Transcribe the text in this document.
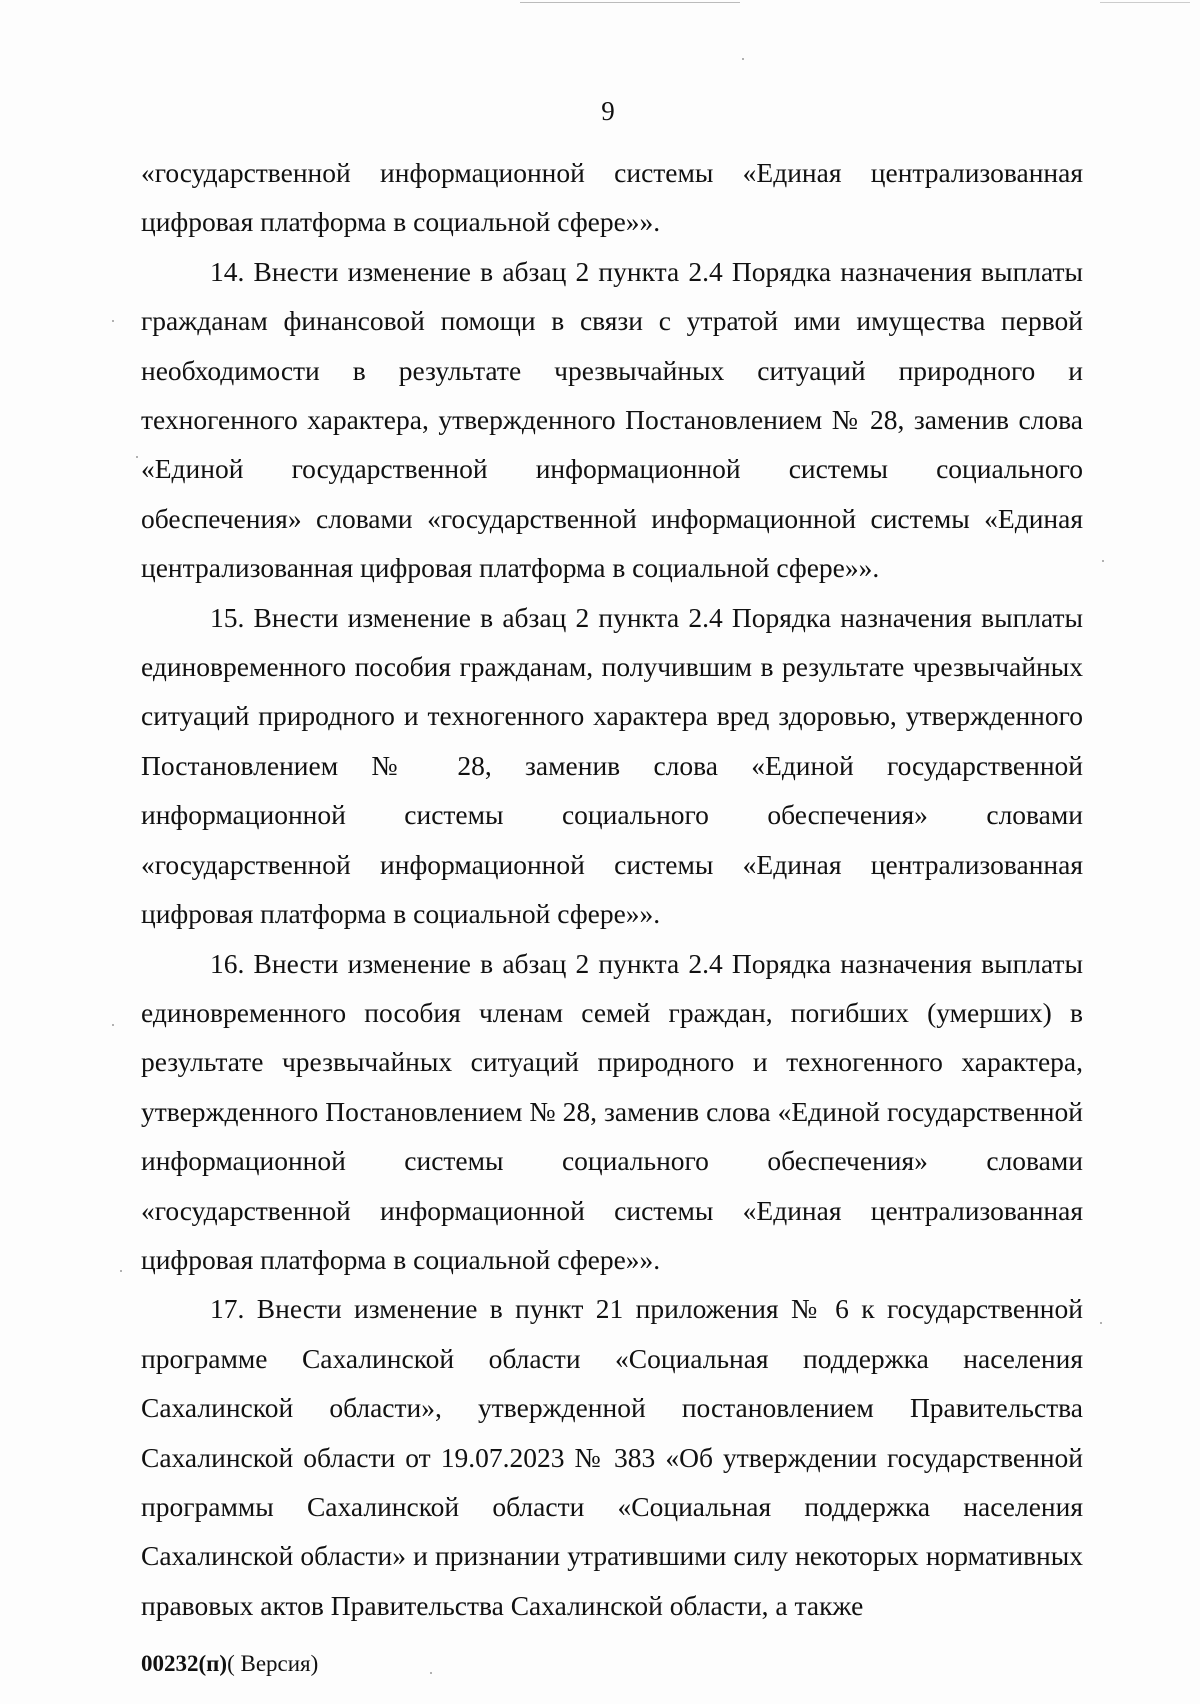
9

«государственной информационной системы «Единая централизованная цифровая платформа в социальной сфере»».

14. Внести изменение в абзац 2 пункта 2.4 Порядка назначения выплаты гражданам финансовой помощи в связи с утратой ими имущества первой необходимости в результате чрезвычайных ситуаций природного и техногенного характера, утвержденного Постановлением № 28, заменив слова «Единой государственной информационной системы социального обеспечения» словами «государственной информационной системы «Единая централизованная цифровая платформа в социальной сфере»».

15. Внести изменение в абзац 2 пункта 2.4 Порядка назначения выплаты единовременного пособия гражданам, получившим в результате чрезвычайных ситуаций природного и техногенного характера вред здоровью, утвержденного Постановлением № 28, заменив слова «Единой государственной информационной системы социального обеспечения» словами «государственной информационной системы «Единая централизованная цифровая платформа в социальной сфере»».

16. Внести изменение в абзац 2 пункта 2.4 Порядка назначения выплаты единовременного пособия членам семей граждан, погибших (умерших) в результате чрезвычайных ситуаций природного и техногенного характера, утвержденного Постановлением № 28, заменив слова «Единой государственной информационной системы социального обеспечения» словами «государственной информационной системы «Единая централизованная цифровая платформа в социальной сфере»».

17. Внести изменение в пункт 21 приложения № 6 к государственной программе Сахалинской области «Социальная поддержка населения Сахалинской области», утвержденной постановлением Правительства Сахалинской области от 19.07.2023 № 383 «Об утверждении государственной программы Сахалинской области «Социальная поддержка населения Сахалинской области» и признании утратившими силу некоторых нормативных правовых актов Правительства Сахалинской области, а также

00232(п)( Версия)
